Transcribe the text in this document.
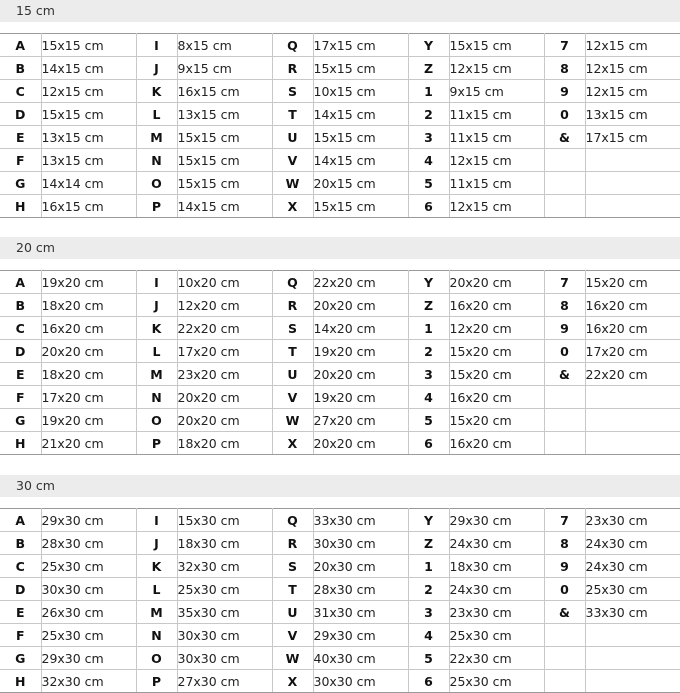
15 cm
A	15x15 cm	I	8x15 cm	Q	17x15 cm	Y	15x15 cm	7	12x15 cm
B	14x15 cm	J	9x15 cm	R	15x15 cm	Z	12x15 cm	8	12x15 cm
C	12x15 cm	K	16x15 cm	S	10x15 cm	1	9x15 cm	9	12x15 cm
D	15x15 cm	L	13x15 cm	T	14x15 cm	2	11x15 cm	0	13x15 cm
E	13x15 cm	M	15x15 cm	U	15x15 cm	3	11x15 cm	&	17x15 cm
F	13x15 cm	N	15x15 cm	V	14x15 cm	4	12x15 cm		
G	14x14 cm	O	15x15 cm	W	20x15 cm	5	11x15 cm		
H	16x15 cm	P	14x15 cm	X	15x15 cm	6	12x15 cm		
20 cm
A	19x20 cm	I	10x20 cm	Q	22x20 cm	Y	20x20 cm	7	15x20 cm
B	18x20 cm	J	12x20 cm	R	20x20 cm	Z	16x20 cm	8	16x20 cm
C	16x20 cm	K	22x20 cm	S	14x20 cm	1	12x20 cm	9	16x20 cm
D	20x20 cm	L	17x20 cm	T	19x20 cm	2	15x20 cm	0	17x20 cm
E	18x20 cm	M	23x20 cm	U	20x20 cm	3	15x20 cm	&	22x20 cm
F	17x20 cm	N	20x20 cm	V	19x20 cm	4	16x20 cm		
G	19x20 cm	O	20x20 cm	W	27x20 cm	5	15x20 cm		
H	21x20 cm	P	18x20 cm	X	20x20 cm	6	16x20 cm		
30 cm
A	29x30 cm	I	15x30 cm	Q	33x30 cm	Y	29x30 cm	7	23x30 cm
B	28x30 cm	J	18x30 cm	R	30x30 cm	Z	24x30 cm	8	24x30 cm
C	25x30 cm	K	32x30 cm	S	20x30 cm	1	18x30 cm	9	24x30 cm
D	30x30 cm	L	25x30 cm	T	28x30 cm	2	24x30 cm	0	25x30 cm
E	26x30 cm	M	35x30 cm	U	31x30 cm	3	23x30 cm	&	33x30 cm
F	25x30 cm	N	30x30 cm	V	29x30 cm	4	25x30 cm		
G	29x30 cm	O	30x30 cm	W	40x30 cm	5	22x30 cm		
H	32x30 cm	P	27x30 cm	X	30x30 cm	6	25x30 cm		
